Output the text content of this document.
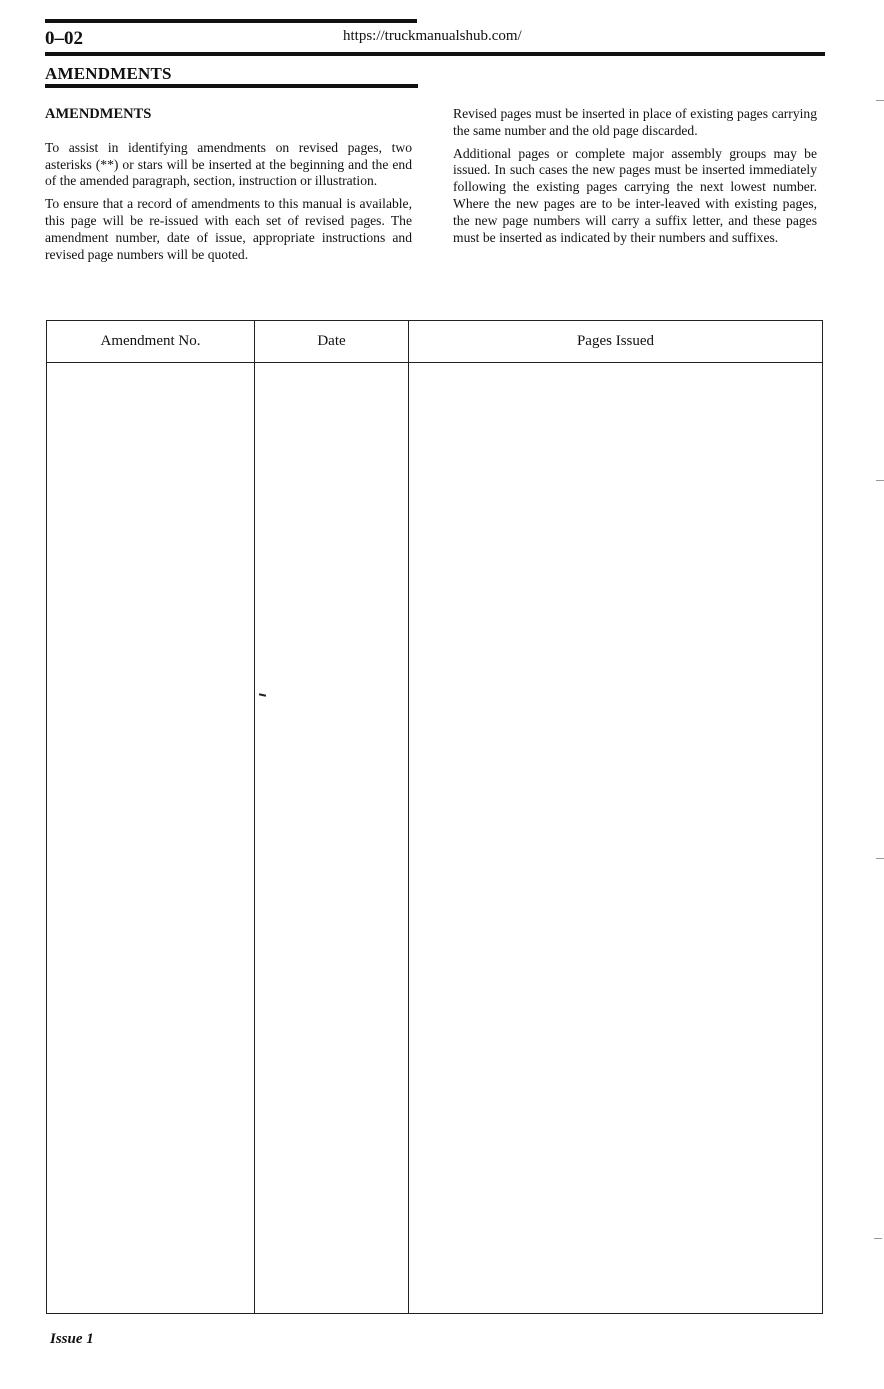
0–02	https://truckmanualshub.com/
AMENDMENTS

AMENDMENTS

To assist in identifying amendments on revised pages, two asterisks (**) or stars will be inserted at the beginning and the end of the amended paragraph, section, instruction or illustration.

To ensure that a record of amendments to this manual is available, this page will be re-issued with each set of revised pages. The amendment number, date of issue, appropriate instructions and revised page numbers will be quoted.

Revised pages must be inserted in place of existing pages carrying the same number and the old page discarded.

Additional pages or complete major assembly groups may be issued. In such cases the new pages must be inserted immediately following the existing pages carrying the next lowest number. Where the new pages are to be inter-leaved with existing pages, the new page numbers will carry a suffix letter, and these pages must be inserted as indicated by their numbers and suffixes.

Amendment No.	Date	Pages Issued
Issue 1
